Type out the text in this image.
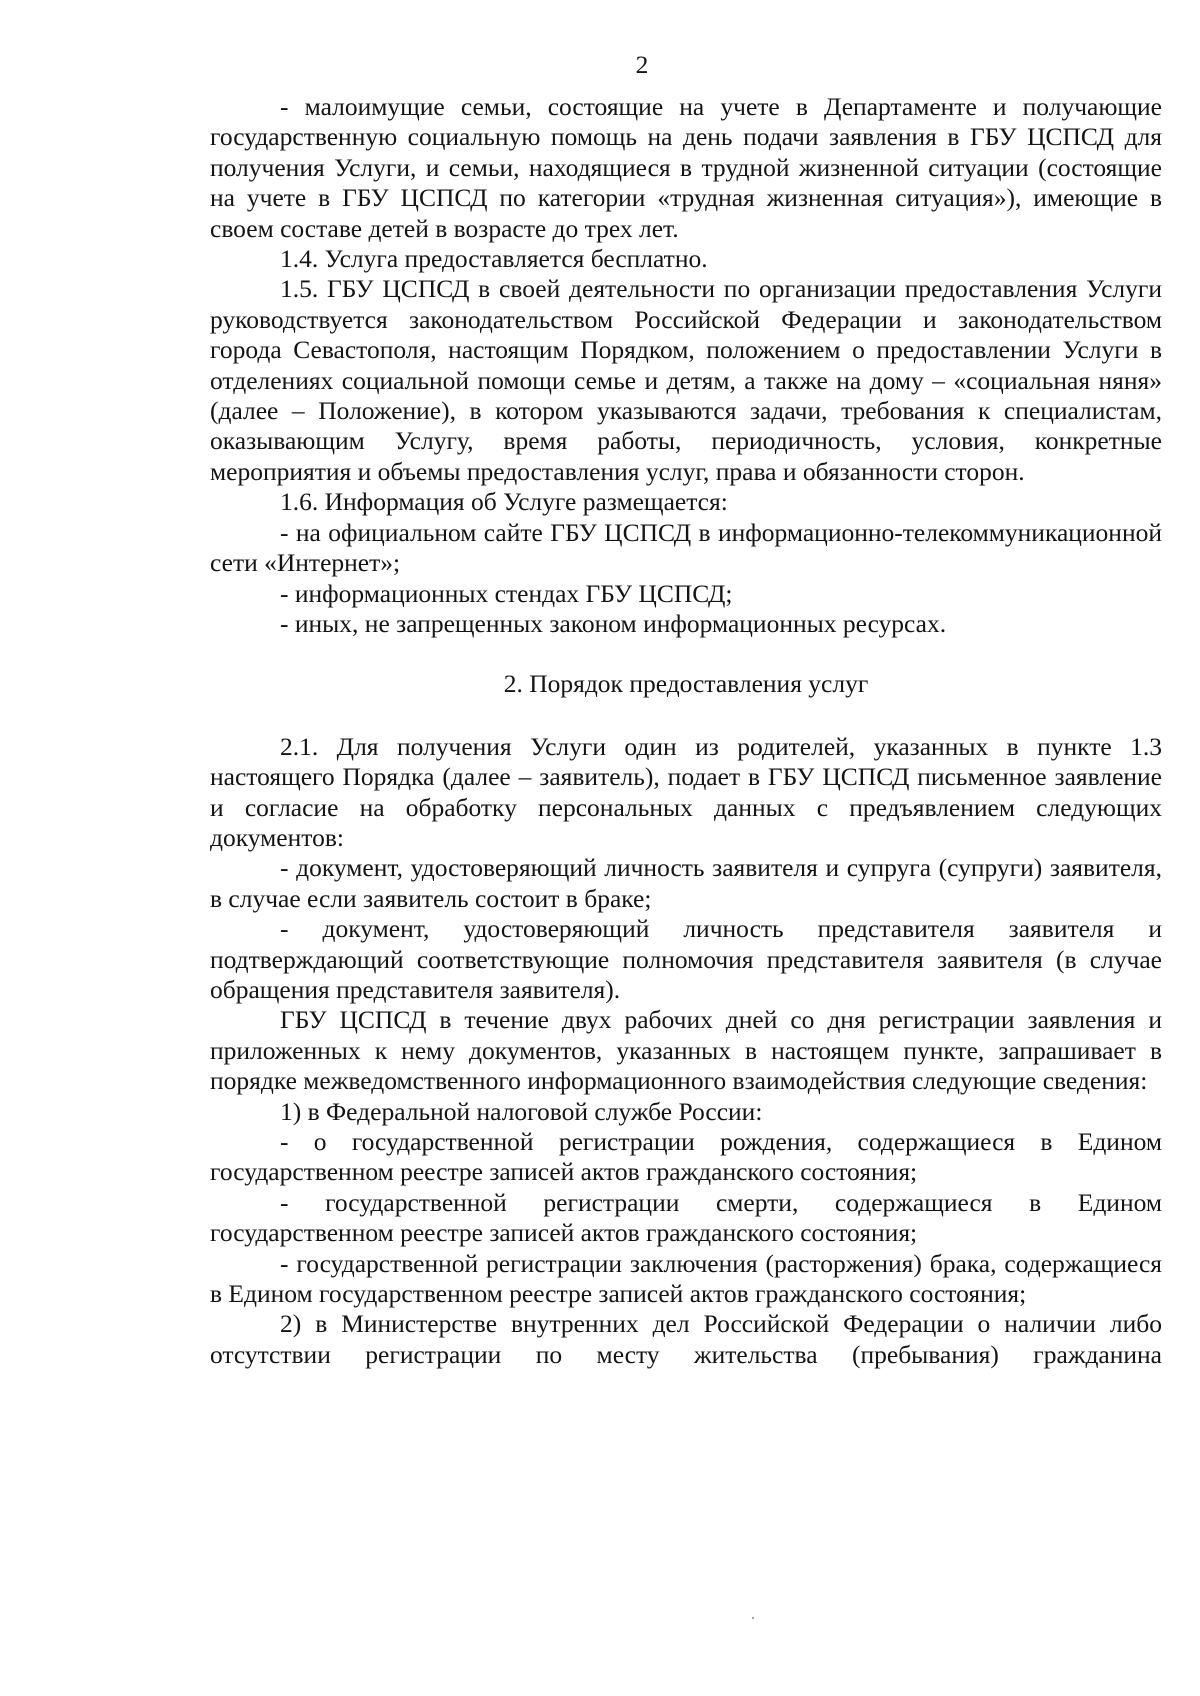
2

- малоимущие семьи, состоящие на учете в Департаменте и получающие государственную социальную помощь на день подачи заявления в ГБУ ЦСПСД для получения Услуги, и семьи, находящиеся в трудной жизненной ситуации (состоящие на учете в ГБУ ЦСПСД по категории «трудная жизненная ситуация»), имеющие в своем составе детей в возрасте до трех лет.

1.4. Услуга предоставляется бесплатно.

1.5. ГБУ ЦСПСД в своей деятельности по организации предоставления Услуги руководствуется законодательством Российской Федерации и законодательством города Севастополя, настоящим Порядком, положением о предоставлении Услуги в отделениях социальной помощи семье и детям, а также на дому – «социальная няня» (далее – Положение), в котором указываются задачи, требования к специалистам, оказывающим Услугу, время работы, периодичность, условия, конкретные мероприятия и объемы предоставления услуг, права и обязанности сторон.

1.6. Информация об Услуге размещается:

- на официальном сайте ГБУ ЦСПСД в информационно-телекоммуникационной сети «Интернет»;

- информационных стендах ГБУ ЦСПСД;

- иных, не запрещенных законом информационных ресурсах.

2. Порядок предоставления услуг

2.1. Для получения Услуги один из родителей, указанных в пункте 1.3 настоящего Порядка (далее – заявитель), подает в ГБУ ЦСПСД письменное заявление и согласие на обработку персональных данных с предъявлением следующих документов:

- документ, удостоверяющий личность заявителя и супруга (супруги) заявителя, в случае если заявитель состоит в браке;

- документ, удостоверяющий личность представителя заявителя и подтверждающий соответствующие полномочия представителя заявителя (в случае обращения представителя заявителя).

ГБУ ЦСПСД в течение двух рабочих дней со дня регистрации заявления и приложенных к нему документов, указанных в настоящем пункте, запрашивает в порядке межведомственного информационного взаимодействия следующие сведения:

1) в Федеральной налоговой службе России:

- о государственной регистрации рождения, содержащиеся в Едином государственном реестре записей актов гражданского состояния;

- государственной регистрации смерти, содержащиеся в Едином государственном реестре записей актов гражданского состояния;

- государственной регистрации заключения (расторжения) брака, содержащиеся в Едином государственном реестре записей актов гражданского состояния;

2) в Министерстве внутренних дел Российской Федерации о наличии либо отсутствии регистрации по месту жительства (пребывания) гражданина
